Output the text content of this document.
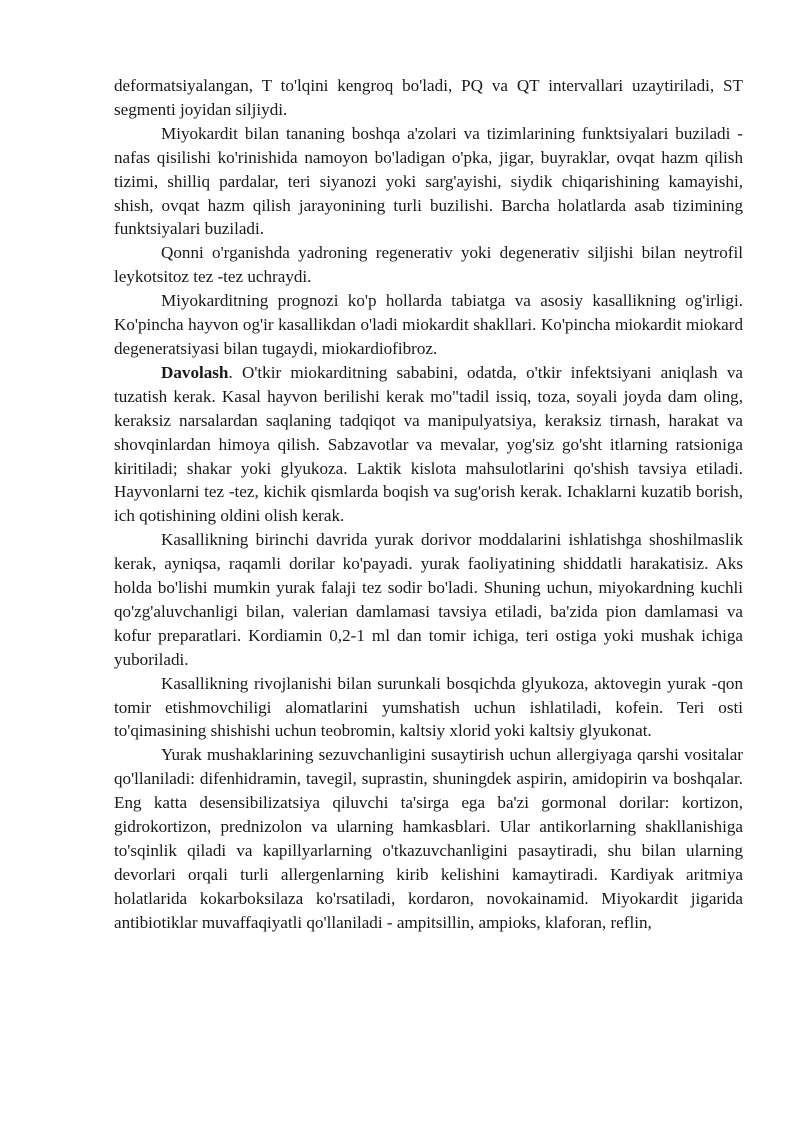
deformatsiyalangan, T to'lqini kengroq bo'ladi, PQ va QT intervallari uzaytiriladi, ST segmenti joyidan siljiydi.

Miyokardit bilan tananing boshqa a'zolari va tizimlarining funktsiyalari buziladi - nafas qisilishi ko'rinishida namoyon bo'ladigan o'pka, jigar, buyraklar, ovqat hazm qilish tizimi, shilliq pardalar, teri siyanozi yoki sarg'ayishi, siydik chiqarishining kamayishi, shish, ovqat hazm qilish jarayonining turli buzilishi. Barcha holatlarda asab tizimining funktsiyalari buziladi.

Qonni o'rganishda yadroning regenerativ yoki degenerativ siljishi bilan neytrofil leykotsitoz tez -tez uchraydi.

Miyokarditning prognozi ko'p hollarda tabiatga va asosiy kasallikning og'irligi. Ko'pincha hayvon og'ir kasallikdan o'ladi miokardit shakllari. Ko'pincha miokardit miokard degeneratsiyasi bilan tugaydi, miokardiofibroz.

Davolash. O'tkir miokarditning sababini, odatda, o'tkir infektsiyani aniqlash va tuzatish kerak. Kasal hayvon berilishi kerak mo"tadil issiq, toza, soyali joyda dam oling, keraksiz narsalardan saqlaning tadqiqot va manipulyatsiya, keraksiz tirnash, harakat va shovqinlardan himoya qilish. Sabzavotlar va mevalar, yog'siz go'sht itlarning ratsioniga kiritiladi; shakar yoki glyukoza. Laktik kislota mahsulotlarini qo'shish tavsiya etiladi. Hayvonlarni tez -tez, kichik qismlarda boqish va sug'orish kerak. Ichaklarni kuzatib borish, ich qotishining oldini olish kerak.

Kasallikning birinchi davrida yurak dorivor moddalarini ishlatishga shoshilmaslik kerak, ayniqsa, raqamli dorilar ko'payadi. yurak faoliyatining shiddatli harakatisiz. Aks holda bo'lishi mumkin yurak falaji tez sodir bo'ladi. Shuning uchun, miyokardning kuchli qo'zg'aluvchanligi bilan, valerian damlamasi tavsiya etiladi, ba'zida pion damlamasi va kofur preparatlari. Kordiamin 0,2-1 ml dan tomir ichiga, teri ostiga yoki mushak ichiga yuboriladi.

Kasallikning rivojlanishi bilan surunkali bosqichda glyukoza, aktovegin yurak -qon tomir etishmovchiligi alomatlarini yumshatish uchun ishlatiladi, kofein. Teri osti to'qimasining shishishi uchun teobromin, kaltsiy xlorid yoki kaltsiy glyukonat.

Yurak mushaklarining sezuvchanligini susaytirish uchun allergiyaga qarshi vositalar qo'llaniladi: difenhidramin, tavegil, suprastin, shuningdek aspirin, amidopirin va boshqalar. Eng katta desensibilizatsiya qiluvchi ta'sirga ega ba'zi gormonal dorilar: kortizon, gidrokortizon, prednizolon va ularning hamkasblari. Ular antikorlarning shakllanishiga to'sqinlik qiladi va kapillyarlarning o'tkazuvchanligini pasaytiradi, shu bilan ularning devorlari orqali turli allergenlarning kirib kelishini kamaytiradi. Kardiyak aritmiya holatlarida kokarboksilaza ko'rsatiladi, kordaron, novokainamid. Miyokardit jigarida antibiotiklar muvaffaqiyatli qo'llaniladi - ampitsillin, ampioks, klaforan, reflin,
